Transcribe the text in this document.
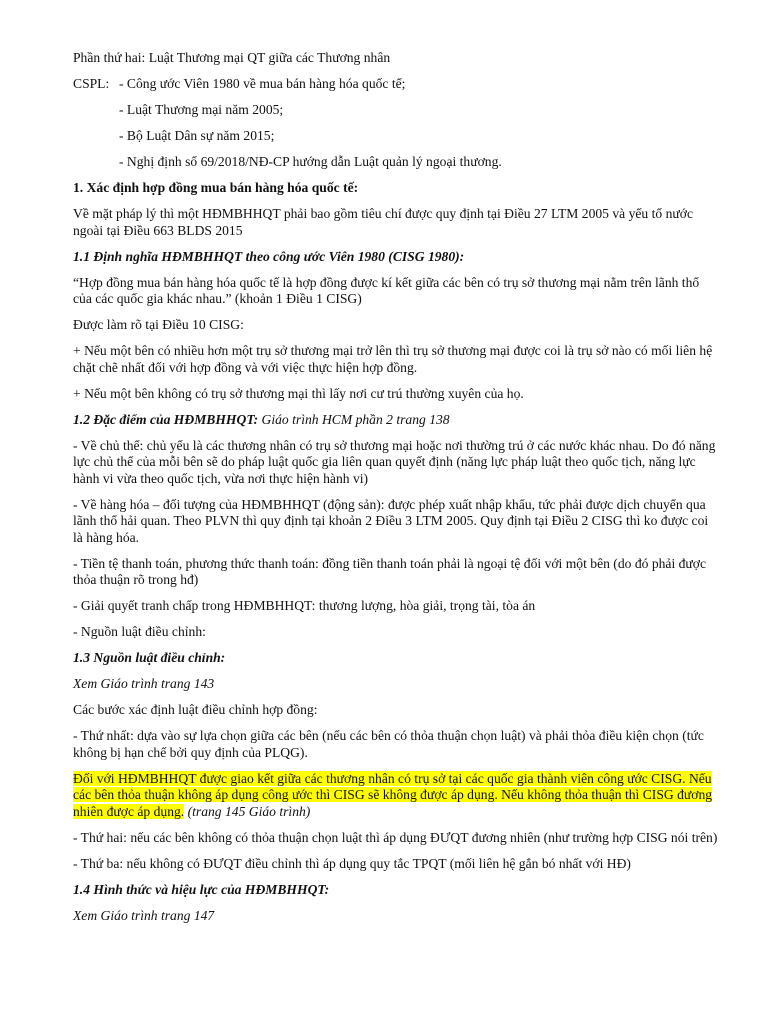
Phần thứ hai: Luật Thương mại QT giữa các Thương nhân

CSPL: - Công ước Viên 1980 về mua bán hàng hóa quốc tế;

- Luật Thương mại năm 2005;

- Bộ Luật Dân sự năm 2015;

- Nghị định số 69/2018/NĐ-CP hướng dẫn Luật quản lý ngoại thương.

1. Xác định hợp đồng mua bán hàng hóa quốc tế:

Về mặt pháp lý thì một HĐMBHHQT phải bao gồm tiêu chí được quy định tại Điều 27 LTM 2005 và yếu tố nước ngoài tại Điều 663 BLDS 2015

1.1 Định nghĩa HĐMBHHQT theo công ước Viên 1980 (CISG 1980):

“Hợp đồng mua bán hàng hóa quốc tế là hợp đồng được kí kết giữa các bên có trụ sở thương mại nằm trên lãnh thổ của các quốc gia khác nhau.” (khoản 1 Điều 1 CISG)

Được làm rõ tại Điều 10 CISG:

+ Nếu một bên có nhiều hơn một trụ sở thương mại trở lên thì trụ sở thương mại được coi là trụ sở nào có mối liên hệ chặt chẽ nhất đối với hợp đồng và với việc thực hiện hợp đồng.

+ Nếu một bên không có trụ sở thương mại thì lấy nơi cư trú thường xuyên của họ.

1.2 Đặc điểm của HĐMBHHQT: Giáo trình HCM phần 2 trang 138

- Về chủ thể: chủ yếu là các thương nhân có trụ sở thương mại hoặc nơi thường trú ở các nước khác nhau. Do đó năng lực chủ thể của mỗi bên sẽ do pháp luật quốc gia liên quan quyết định (năng lực pháp luật theo quốc tịch, năng lực hành vi vừa theo quốc tịch, vừa nơi thực hiện hành vi)

- Về hàng hóa – đối tượng của HĐMBHHQT (động sản): được phép xuất nhập khẩu, tức phải được dịch chuyển qua lãnh thổ hải quan. Theo PLVN thì quy định tại khoản 2 Điều 3 LTM 2005. Quy định tại Điều 2 CISG thì ko được coi là hàng hóa.

- Tiền tệ thanh toán, phương thức thanh toán: đồng tiền thanh toán phải là ngoại tệ đối với một bên (do đó phải được thỏa thuận rõ trong hđ)

- Giải quyết tranh chấp trong HĐMBHHQT: thương lượng, hòa giải, trọng tài, tòa án

- Nguồn luật điều chỉnh:

1.3 Nguồn luật điều chỉnh:

Xem Giáo trình trang 143

Các bước xác định luật điều chỉnh hợp đồng:

- Thứ nhất: dựa vào sự lựa chọn giữa các bên (nếu các bên có thỏa thuận chọn luật) và phải thỏa điều kiện chọn (tức không bị hạn chế bởi quy định của PLQG).

Đối với HĐMBHHQT được giao kết giữa các thương nhân có trụ sở tại các quốc gia thành viên công ước CISG. Nếu các bên thỏa thuận không áp dụng công ước thì CISG sẽ không được áp dụng. Nếu không thỏa thuận thì CISG đương nhiên được áp dụng. (trang 145 Giáo trình)

- Thứ hai: nếu các bên không có thỏa thuận chọn luật thì áp dụng ĐƯQT đương nhiên (như trường hợp CISG nói trên)

- Thứ ba: nếu không có ĐƯQT điều chỉnh thì áp dụng quy tắc TPQT (mối liên hệ gắn bó nhất với HĐ)

1.4 Hình thức và hiệu lực của HĐMBHHQT:

Xem Giáo trình trang 147
